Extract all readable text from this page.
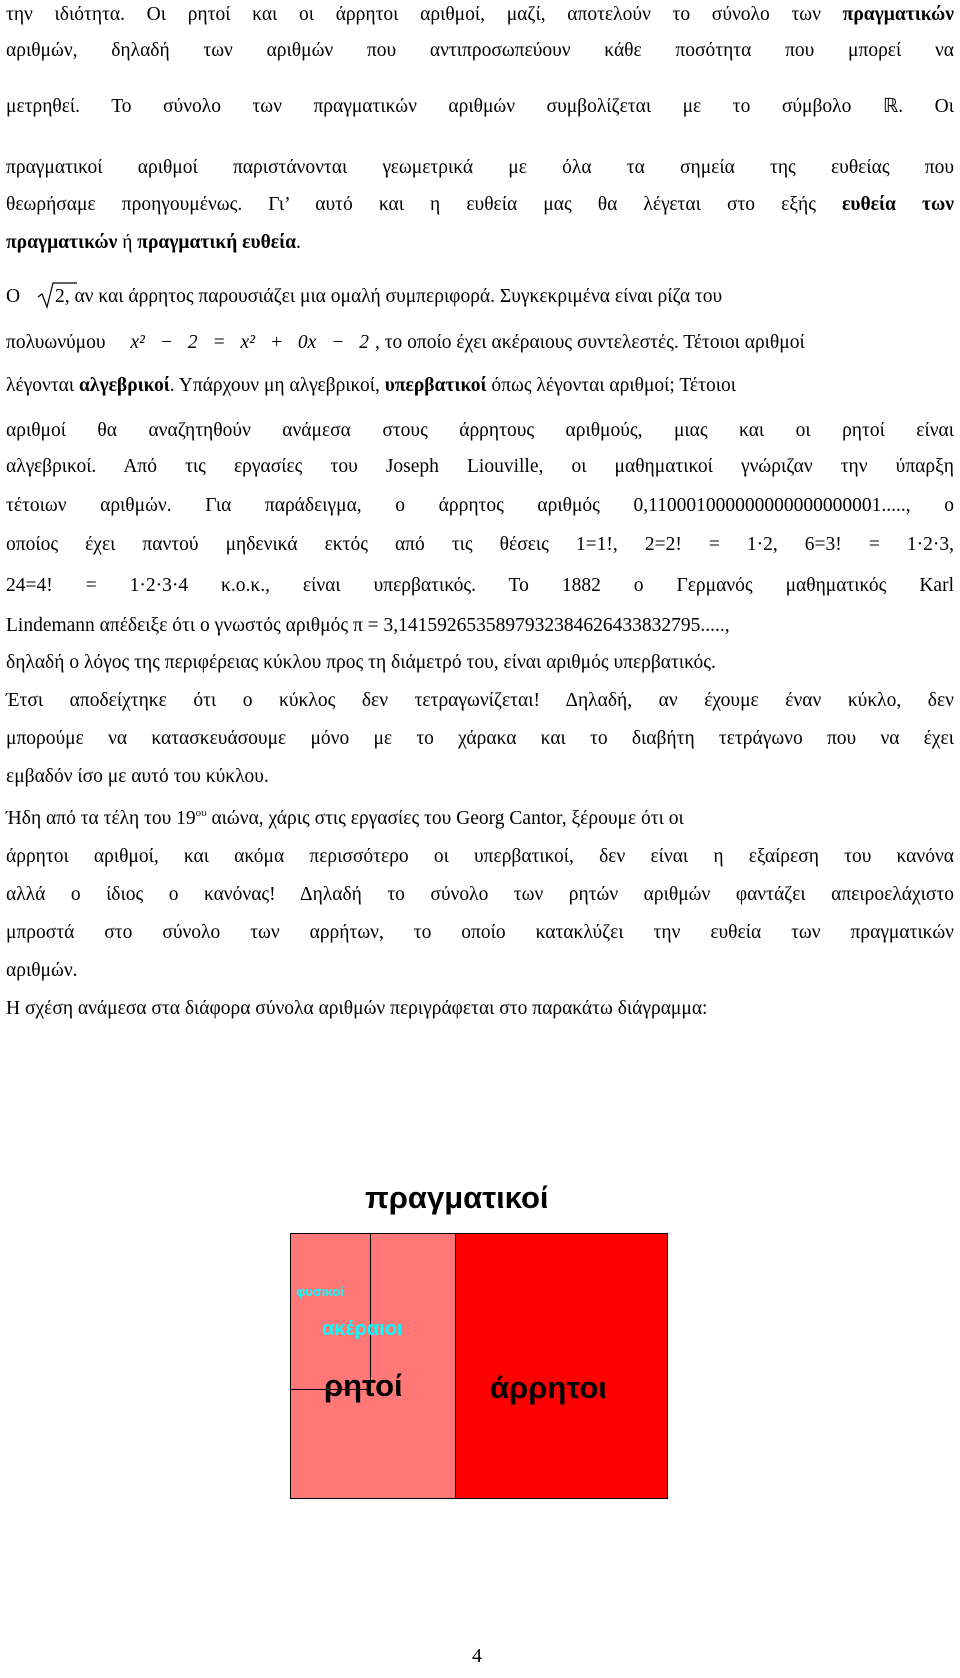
την ιδιότητα. Οι ρητοί και οι άρρητοι αριθμοί, μαζί, αποτελούν το σύνολο των πραγματικών
αριθμών, δηλαδή των αριθμών που αντιπροσωπεύουν κάθε ποσότητα που μπορεί να
μετρηθεί. Το σύνολο των πραγματικών αριθμών συμβολίζεται με το σύμβολο ℝ. Οι
πραγματικοί αριθμοί παριστάνονται γεωμετρικά με όλα τα σημεία της ευθείας που
θεωρήσαμε προηγουμένως. Γι’ αυτό και η ευθεία μας θα λέγεται στο εξής ευθεία των
πραγματικών ή πραγματική ευθεία.
Ο 2, αν και άρρητος παρουσιάζει μια ομαλή συμπεριφορά. Συγκεκριμένα είναι ρίζα του
πολυωνύμου x² − 2 = x² + 0x − 2 , το οποίο έχει ακέραιους συντελεστές. Τέτοιοι αριθμοί
λέγονται αλγεβρικοί. Υπάρχουν μη αλγεβρικοί, υπερβατικοί όπως λέγονται αριθμοί; Τέτοιοι
αριθμοί θα αναζητηθούν ανάμεσα στους άρρητους αριθμούς, μιας και οι ρητοί είναι
αλγεβρικοί. Από τις εργασίες του Joseph Liouville, οι μαθηματικοί γνώριζαν την ύπαρξη
τέτοιων αριθμών. Για παράδειγμα, ο άρρητος αριθμός 0,110001000000000000000001....., ο
οποίος έχει παντού μηδενικά εκτός από τις θέσεις 1=1!, 2=2! = 1·2, 6=3! = 1·2·3,
24=4! = 1·2·3·4 κ.ο.κ., είναι υπερβατικός. Το 1882 ο Γερμανός μαθηματικός Karl
Lindemann απέδειξε ότι ο γνωστός αριθμός π = 3,1415926535897932384626433832795.....,
δηλαδή ο λόγος της περιφέρειας κύκλου προς τη διάμετρό του, είναι αριθμός υπερβατικός.
Έτσι αποδείχτηκε ότι ο κύκλος δεν τετραγωνίζεται! Δηλαδή, αν έχουμε έναν κύκλο, δεν
μπορούμε να κατασκευάσουμε μόνο με το χάρακα και το διαβήτη τετράγωνο που να έχει
εμβαδόν ίσο με αυτό του κύκλου.
Ήδη από τα τέλη του $19^{o\upsilon}$ αιώνα, χάρις στις εργασίες του Georg Cantor, ξέρουμε ότι οι
άρρητοι αριθμοί, και ακόμα περισσότερο οι υπερβατικοί, δεν είναι η εξαίρεση του κανόνα
αλλά ο ίδιος ο κανόνας! Δηλαδή το σύνολο των ρητών αριθμών φαντάζει απειροελάχιστο
μπροστά στο σύνολο των αρρήτων, το οποίο κατακλύζει την ευθεία των πραγματικών
αριθμών.
Η σχέση ανάμεσα στα διάφορα σύνολα αριθμών περιγράφεται στο παρακάτω διάγραμμα:
πραγματικοί
φυσικοί
ακέραιοι
ρητοί	άρρητοι
4
